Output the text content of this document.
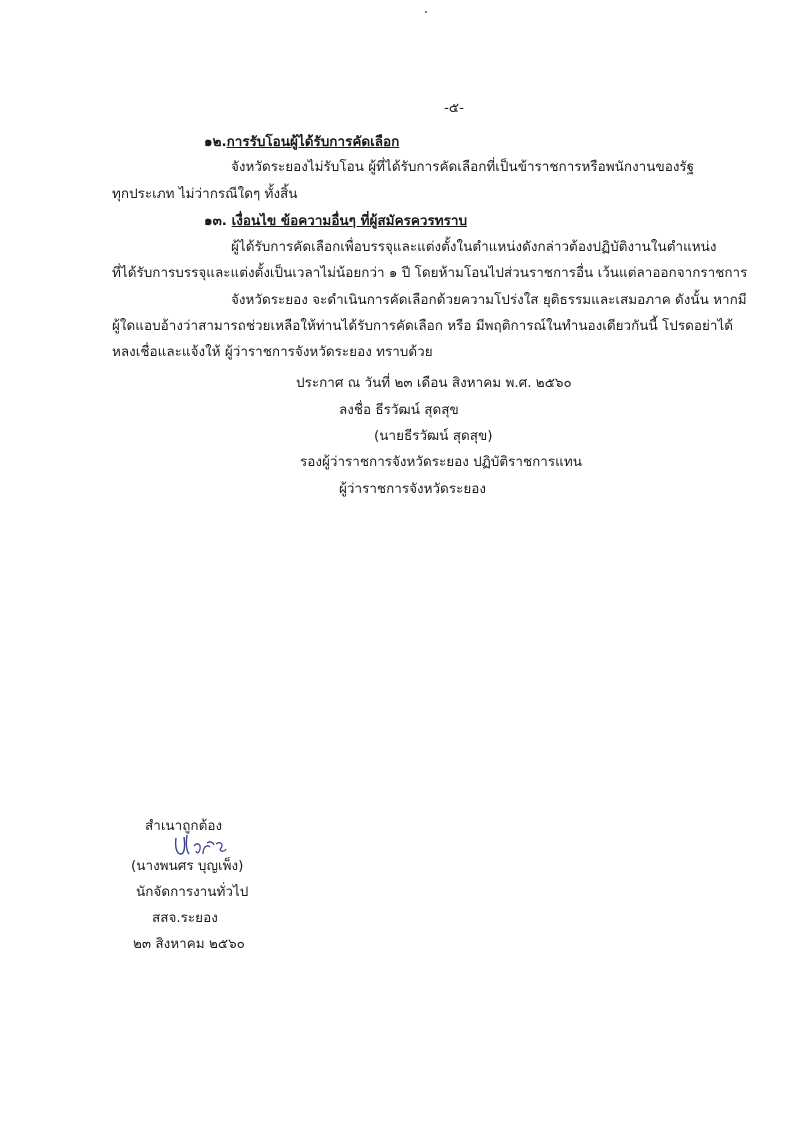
-๕-
๑๒.การรับโอนผู้ได้รับการคัดเลือก
จังหวัดระยองไม่รับโอน ผู้ที่ได้รับการคัดเลือกที่เป็นข้าราชการหรือพนักงานของรัฐ
ทุกประเภท ไม่ว่ากรณีใดๆ ทั้งสิ้น
๑๓. เงื่อนไข ข้อความอื่นๆ ที่ผู้สมัครควรทราบ
ผู้ได้รับการคัดเลือกเพื่อบรรจุและแต่งตั้งในตำแหน่งดังกล่าวต้องปฏิบัติงานในตำแหน่ง
ที่ได้รับการบรรจุและแต่งตั้งเป็นเวลาไม่น้อยกว่า ๑ ปี โดยห้ามโอนไปส่วนราชการอื่น เว้นแต่ลาออกจากราชการ
จังหวัดระยอง จะดำเนินการคัดเลือกด้วยความโปร่งใส ยุติธรรมและเสมอภาค ดังนั้น หากมี
ผู้ใดแอบอ้างว่าสามารถช่วยเหลือให้ท่านได้รับการคัดเลือก หรือ มีพฤติการณ์ในทำนองเดียวกันนี้ โปรดอย่าได้
หลงเชื่อและแจ้งให้ ผู้ว่าราชการจังหวัดระยอง ทราบด้วย
ประกาศ ณ วันที่ ๒๓ เดือน สิงหาคม พ.ศ. ๒๕๖๐
ลงชื่อ ธีรวัฒน์ สุดสุข
(นายธีรวัฒน์ สุดสุข)
รองผู้ว่าราชการจังหวัดระยอง ปฏิบัติราชการแทน
ผู้ว่าราชการจังหวัดระยอง
สำเนาถูกต้อง
(นางพนศร บุญเพ็ง)
นักจัดการงานทั่วไป
สสจ.ระยอง
๒๓ สิงหาคม ๒๕๖๐
